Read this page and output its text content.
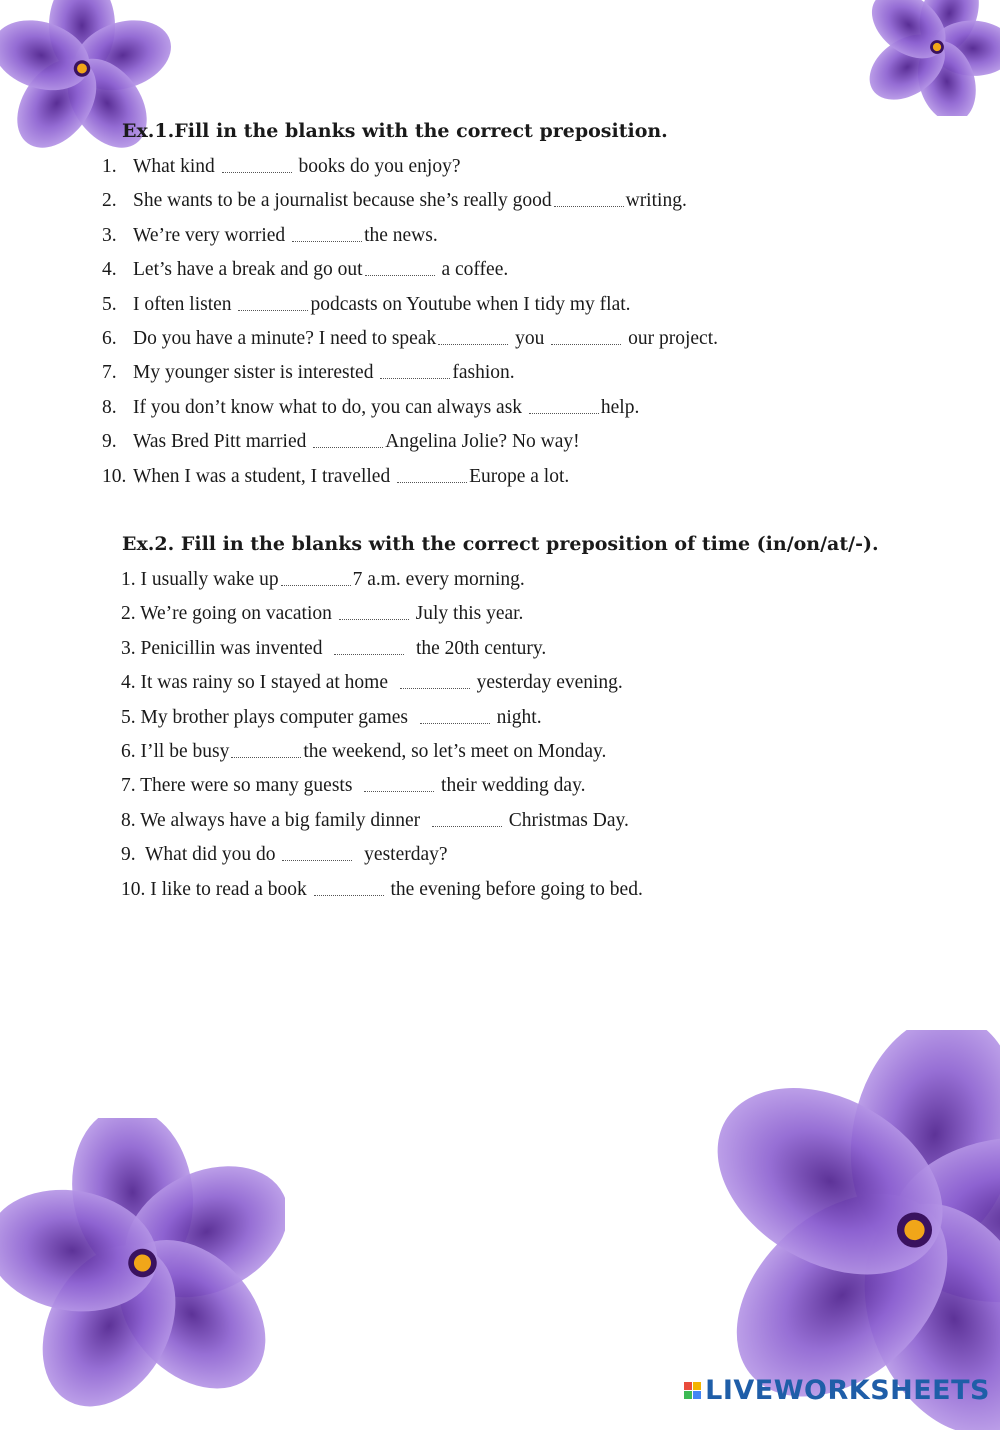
Ex.1.Fill in the blanks with the correct preposition.
1. What kind	books do you enjoy?
2. She wants to be a journalist because she’s really good	writing.
3. We’re very worried	the news.
4. Let’s have a break and go out	a coffee.
5. I often listen	podcasts on Youtube when I tidy my flat.
6. Do you have a minute? I need to speak	you	our project.
7. My younger sister is interested	fashion.
8. If you don’t know what to do, you can always ask	help.
9. Was Bred Pitt married	Angelina Jolie? No way!
10. When I was a student, I travelled	Europe a lot.
Ex.2. Fill in the blanks with the correct preposition of time (in/on/at/-).
1. I usually wake up	7 a.m. every morning.
2. We’re going on vacation	July this year.
3. Penicillin was invented	the 20th century.
4. It was rainy so I stayed at home	yesterday evening.
5. My brother plays computer games	night.
6. I’ll be busy	the weekend, so let’s meet on Monday.
7. There were so many guests	their wedding day.
8. We always have a big family dinner	Christmas Day.
9.  What did you do	yesterday?
10. I like to read a book	the evening before going to bed.
LIVEWORKSHEETS
